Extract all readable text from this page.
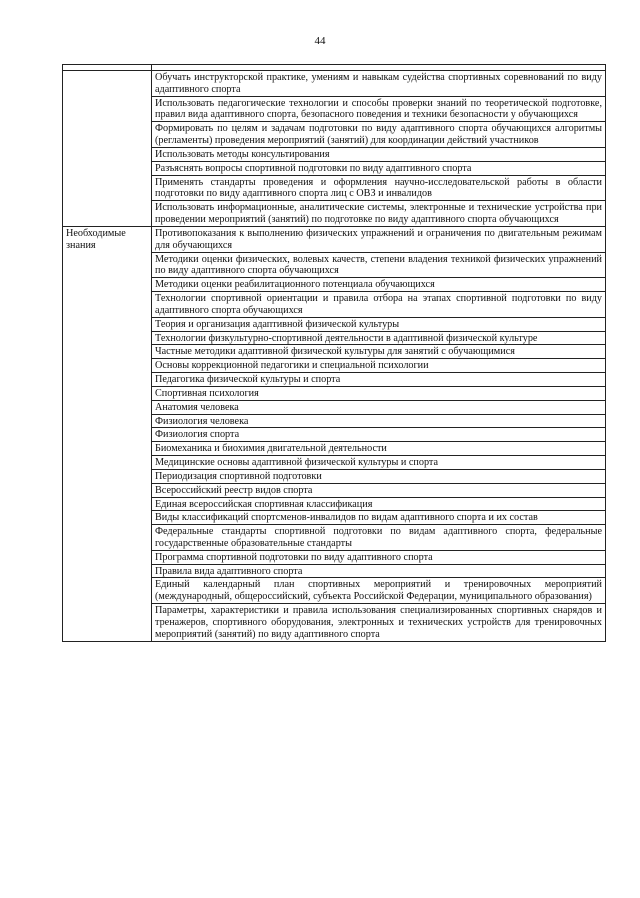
44

	Обучать инструкторской практике, умениям и навыкам судейства спортивных соревнований по виду адаптивного спорта
	Использовать педагогические технологии и способы проверки знаний по теоретической подготовке, правил вида адаптивного спорта, безопасного поведения и техники безопасности у обучающихся
	Формировать по целям и задачам подготовки по виду адаптивного спорта обучающихся алгоритмы (регламенты) проведения мероприятий (занятий) для координации действий участников
	Использовать методы консультирования
	Разъяснять вопросы спортивной подготовки по виду адаптивного спорта
	Применять стандарты проведения и оформления научно-исследовательской работы в области подготовки по виду адаптивного спорта лиц с ОВЗ и инвалидов
	Использовать информационные, аналитические системы, электронные и технические устройства при проведении мероприятий (занятий) по подготовке по виду адаптивного спорта обучающихся
Необходимые знания	Противопоказания к выполнению физических упражнений и ограничения по двигательным режимам для обучающихся
	Методики оценки физических, волевых качеств, степени владения техникой физических упражнений по виду адаптивного спорта обучающихся
	Методики оценки реабилитационного потенциала обучающихся
	Технологии спортивной ориентации и правила отбора на этапах спортивной подготовки по виду адаптивного спорта обучающихся
	Теория и организация адаптивной физической культуры
	Технологии физкультурно-спортивной деятельности в адаптивной физической культуре
	Частные методики адаптивной физической культуры для занятий с обучающимися
	Основы коррекционной педагогики и специальной психологии
	Педагогика физической культуры и спорта
	Спортивная психология
	Анатомия человека
	Физиология человека
	Физиология спорта
	Биомеханика и биохимия двигательной деятельности
	Медицинские основы адаптивной физической культуры и спорта
	Периодизация спортивной подготовки
	Всероссийский реестр видов спорта
	Единая всероссийская спортивная классификация
	Виды классификаций спортсменов-инвалидов по видам адаптивного спорта и их состав
	Федеральные стандарты спортивной подготовки по видам адаптивного спорта, федеральные государственные образовательные стандарты
	Программа спортивной подготовки по виду адаптивного спорта
	Правила вида адаптивного спорта
	Единый календарный план спортивных мероприятий и тренировочных мероприятий (международный, общероссийский, субъекта Российской Федерации, муниципального образования)
	Параметры, характеристики и правила использования специализированных спортивных снарядов и тренажеров, спортивного оборудования, электронных и технических устройств для тренировочных мероприятий (занятий) по виду адаптивного спорта
